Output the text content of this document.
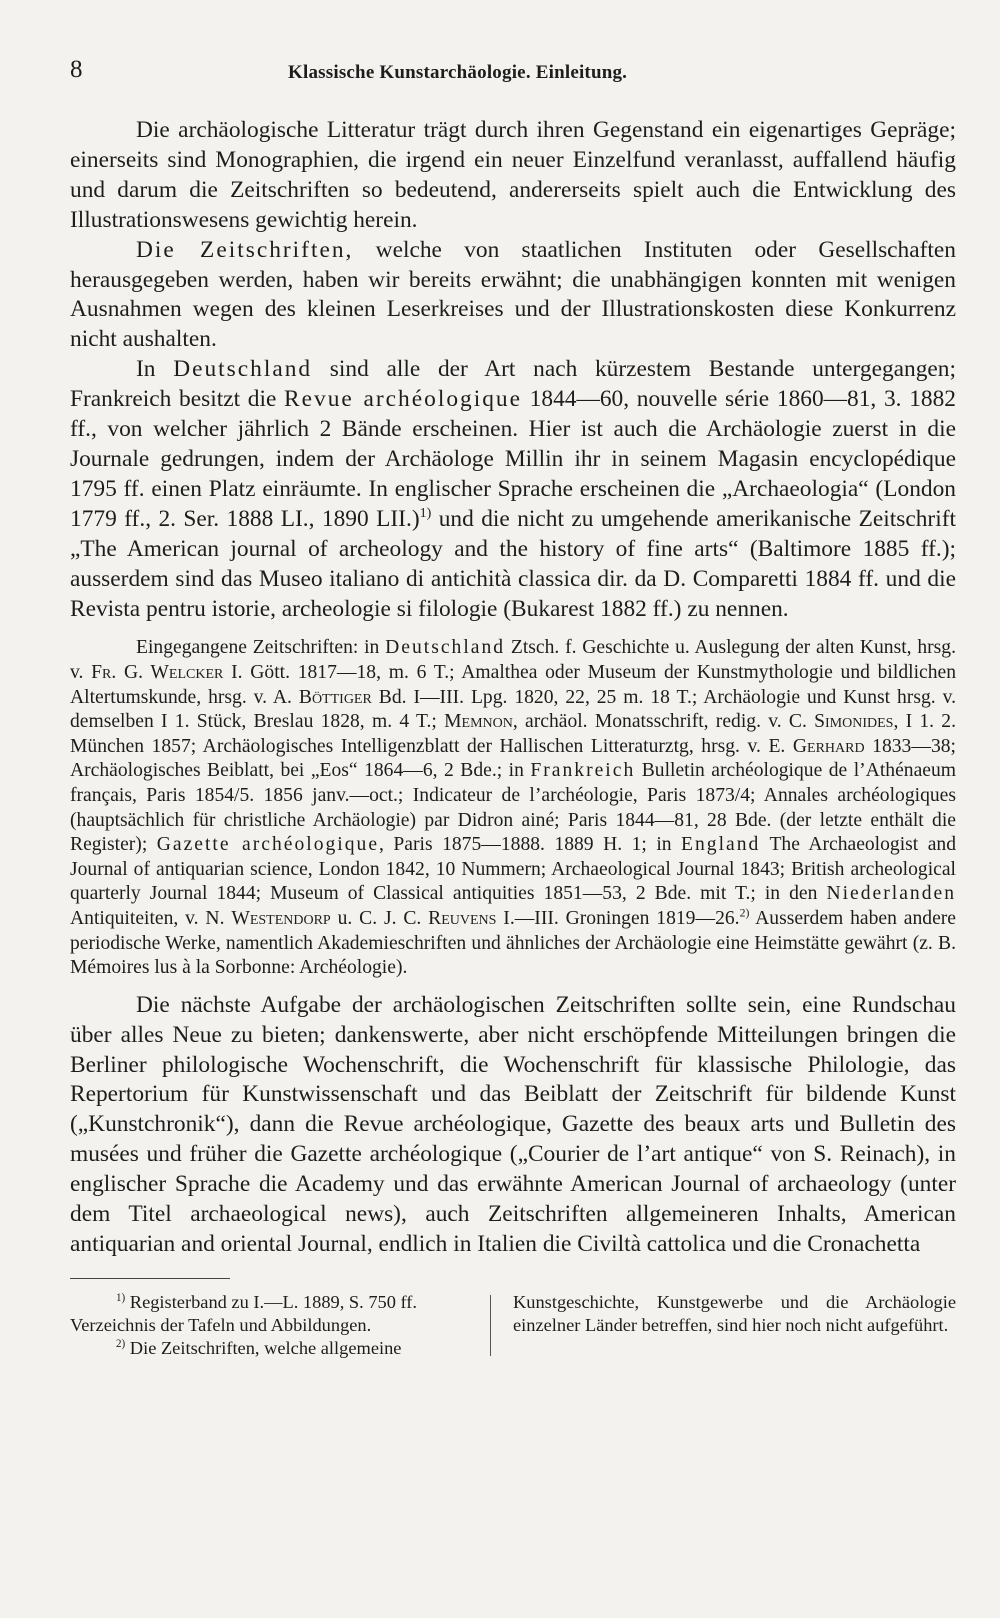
8	Klassische Kunstarchäologie. Einleitung.

Die archäologische Litteratur trägt durch ihren Gegenstand ein eigenartiges Gepräge; einerseits sind Monographien, die irgend ein neuer Einzelfund veranlasst, auffallend häufig und darum die Zeitschriften so bedeutend, andererseits spielt auch die Entwicklung des Illustrationswesens gewichtig herein.

Die Zeitschriften, welche von staatlichen Instituten oder Gesellschaften herausgegeben werden, haben wir bereits erwähnt; die unabhängigen konnten mit wenigen Ausnahmen wegen des kleinen Leserkreises und der Illustrationskosten diese Konkurrenz nicht aushalten.

In Deutschland sind alle der Art nach kürzestem Bestande untergegangen; Frankreich besitzt die Revue archéologique 1844—60, nouvelle série 1860—81, 3. 1882 ff., von welcher jährlich 2 Bände erscheinen. Hier ist auch die Archäologie zuerst in die Journale gedrungen, indem der Archäologe Millin ihr in seinem Magasin encyclopédique 1795 ff. einen Platz einräumte. In englischer Sprache erscheinen die „Archaeologia“ (London 1779 ff., 2. Ser. 1888 LI., 1890 LII.)$^{1)}$ und die nicht zu umgehende amerikanische Zeitschrift „The American journal of archeology and the history of fine arts“ (Baltimore 1885 ff.); ausserdem sind das Museo italiano di antichità classica dir. da D. Comparetti 1884 ff. und die Revista pentru istorie, archeologie si filologie (Bukarest 1882 ff.) zu nennen.

Eingegangene Zeitschriften: in Deutschland Ztsch. f. Geschichte u. Auslegung der alten Kunst, hrsg. v. Fr. G. Welcker I. Gött. 1817—18, m. 6 T.; Amalthea oder Museum der Kunstmythologie und bildlichen Altertumskunde, hrsg. v. A. Böttiger Bd. I—III. Lpg. 1820, 22, 25 m. 18 T.; Archäologie und Kunst hrsg. v. demselben I 1. Stück, Breslau 1828, m. 4 T.; Memnon, archäol. Monatsschrift, redig. v. C. Simonides, I 1. 2. München 1857; Archäologisches Intelligenzblatt der Hallischen Litteraturztg, hrsg. v. E. Gerhard 1833—38; Archäologisches Beiblatt, bei „Eos“ 1864—6, 2 Bde.; in Frankreich Bulletin archéologique de l’Athénaeum français, Paris 1854/5. 1856 janv.—oct.; Indicateur de l’archéologie, Paris 1873/4; Annales archéologiques (hauptsächlich für christliche Archäologie) par Didron ainé; Paris 1844—81, 28 Bde. (der letzte enthält die Register); Gazette archéologique, Paris 1875—1888. 1889 H. 1; in England The Archaeologist and Journal of antiquarian science, London 1842, 10 Nummern; Archaeological Journal 1843; British archeological quarterly Journal 1844; Museum of Classical antiquities 1851—53, 2 Bde. mit T.; in den Niederlanden Antiquiteiten, v. N. Westendorp u. C. J. C. Reuvens I.—III. Groningen 1819—26.$^{2)}$ Ausserdem haben andere periodische Werke, namentlich Akademieschriften und ähnliches der Archäologie eine Heimstätte gewährt (z. B. Mémoires lus à la Sorbonne: Archéologie).

Die nächste Aufgabe der archäologischen Zeitschriften sollte sein, eine Rundschau über alles Neue zu bieten; dankenswerte, aber nicht erschöpfende Mitteilungen bringen die Berliner philologische Wochenschrift, die Wochenschrift für klassische Philologie, das Repertorium für Kunstwissenschaft und das Beiblatt der Zeitschrift für bildende Kunst („Kunstchronik“), dann die Revue archéologique, Gazette des beaux arts und Bulletin des musées und früher die Gazette archéologique („Courier de l’art antique“ von S. Reinach), in englischer Sprache die Academy und das erwähnte American Journal of archaeology (unter dem Titel archaeological news), auch Zeitschriften allgemeineren Inhalts, American antiquarian and oriental Journal, endlich in Italien die Civiltà cattolica und die Cronachetta

$^{1)}$ Registerband zu I.—L. 1889, S. 750 ff. Verzeichnis der Tafeln und Abbildungen.

$^{2)}$ Die Zeitschriften, welche allgemeine

Kunstgeschichte, Kunstgewerbe und die Archäologie einzelner Länder betreffen, sind hier noch nicht aufgeführt.
